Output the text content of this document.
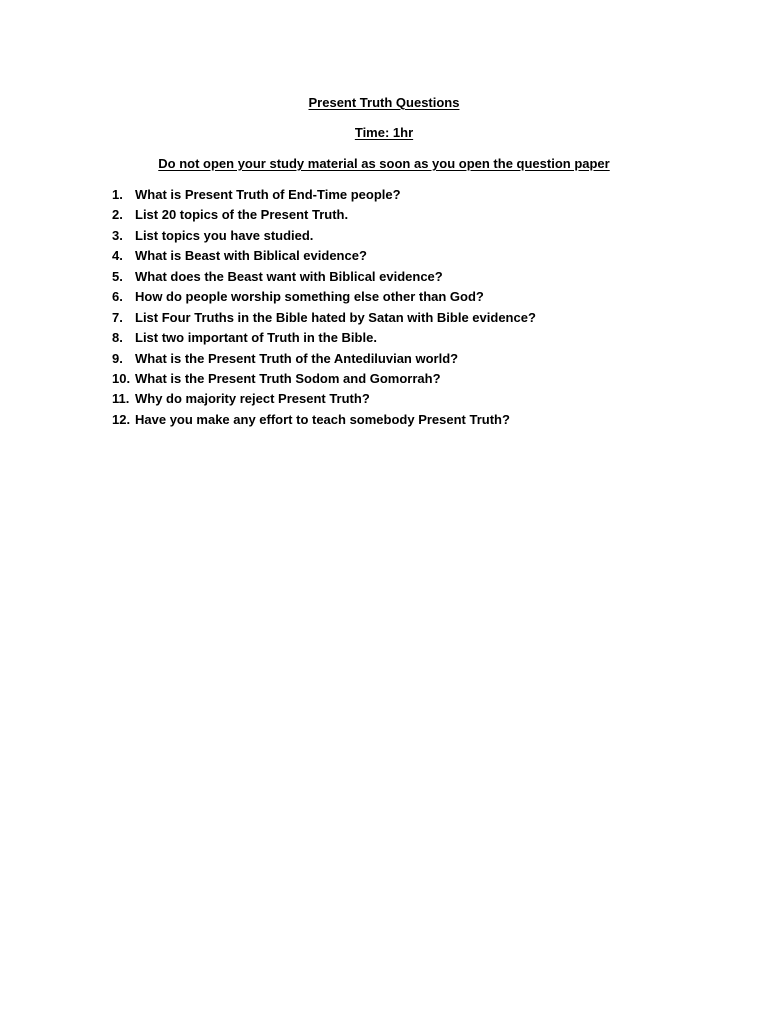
Present Truth Questions
Time: 1hr
Do not open your study material as soon as you open the question paper
1. What is Present Truth of End-Time people?
2. List 20 topics of the Present Truth.
3. List topics you have studied.
4. What is Beast with Biblical evidence?
5. What does the Beast want with Biblical evidence?
6. How do people worship something else other than God?
7. List Four Truths in the Bible hated by Satan with Bible evidence?
8. List two important of Truth in the Bible.
9. What is the Present Truth of the Antediluvian world?
10. What is the Present Truth Sodom and Gomorrah?
11. Why do majority reject Present Truth?
12. Have you make any effort to teach somebody Present Truth?
